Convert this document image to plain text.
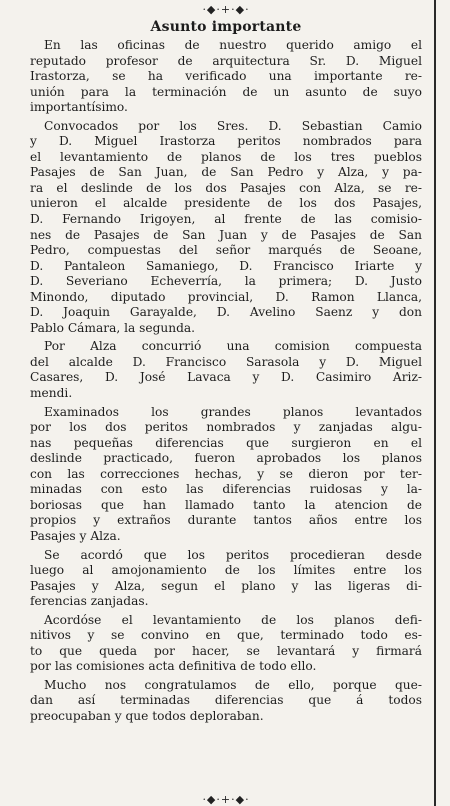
·◆·+·◆·
Asunto importante
En las oficinas de nuestro querido amigo el
reputado profesor de arquitectura Sr. D. Miguel
Irastorza, se ha verificado una importante re-
unión para la terminación de un asunto de suyo
importantísimo.
Convocados por los Sres. D. Sebastian Camio
y D. Miguel Irastorza peritos nombrados para
el levantamiento de planos de los tres pueblos
Pasajes de San Juan, de San Pedro y Alza, y pa-
ra el deslinde de los dos Pasajes con Alza, se re-
unieron el alcalde presidente de los dos Pasajes,
D. Fernando Irigoyen, al frente de las comisio-
nes de Pasajes de San Juan y de Pasajes de San
Pedro, compuestas del señor marqués de Seoane,
D. Pantaleon Samaniego, D. Francisco Iriarte y
D. Severiano Echeverría, la primera; D. Justo
Minondo, diputado provincial, D. Ramon Llanca,
D. Joaquin Garayalde, D. Avelino Saenz y don
Pablo Cámara, la segunda.
Por Alza concurrió una comision compuesta
del alcalde D. Francisco Sarasola y D. Miguel
Casares, D. José Lavaca y D. Casimiro Ariz-
mendi.
Examinados los grandes planos levantados
por los dos peritos nombrados y zanjadas algu-
nas pequeñas diferencias que surgieron en el
deslinde practicado, fueron aprobados los planos
con las correcciones hechas, y se dieron por ter-
minadas con esto las diferencias ruidosas y la-
boriosas que han llamado tanto la atencion de
propios y extraños durante tantos años entre los
Pasajes y Alza.
Se acordó que los peritos procedieran desde
luego al amojonamiento de los límites entre los
Pasajes y Alza, segun el plano y las ligeras di-
ferencias zanjadas.
Acordóse el levantamiento de los planos defi-
nitivos y se convino en que, terminado todo es-
to que queda por hacer, se levantará y firmará
por las comisiones acta definitiva de todo ello.
Mucho nos congratulamos de ello, porque que-
dan así terminadas diferencias que á todos
preocupaban y que todos deploraban.
·◆·+·◆·
